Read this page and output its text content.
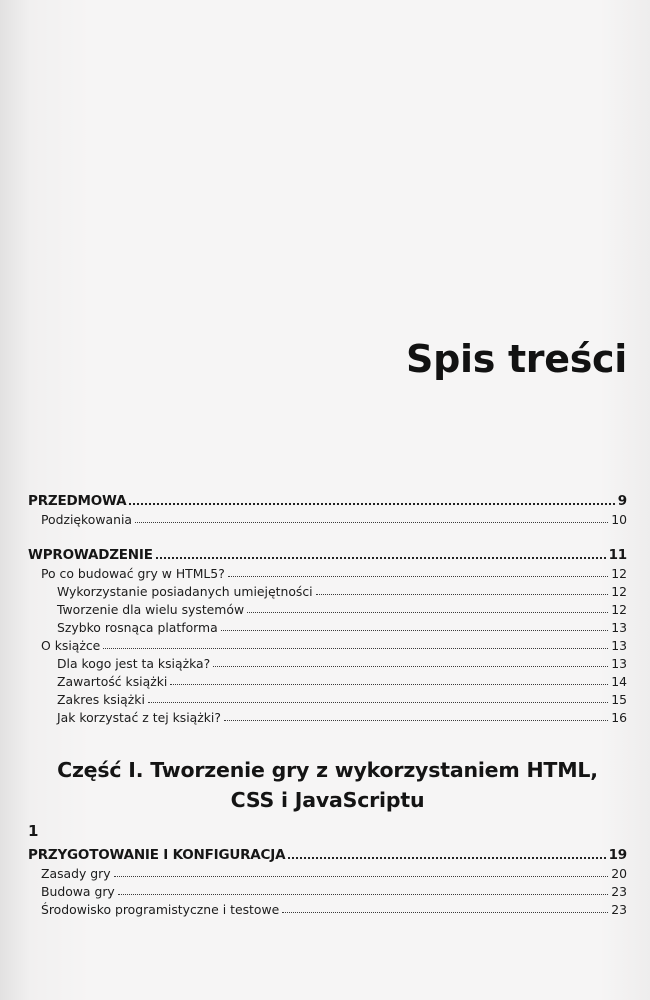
Spis treści
PRZEDMOWA	9
Podziękowania	10
WPROWADZENIE	11
Po co budować gry w HTML5?	12
Wykorzystanie posiadanych umiejętności	12
Tworzenie dla wielu systemów	12
Szybko rosnąca platforma	13
O książce	13
Dla kogo jest ta książka?	13
Zawartość książki	14
Zakres książki	15
Jak korzystać z tej książki?	16
Część I. Tworzenie gry z wykorzystaniem HTML,
CSS i JavaScriptu
1
PRZYGOTOWANIE I KONFIGURACJA	19
Zasady gry	20
Budowa gry	23
Środowisko programistyczne i testowe	23
